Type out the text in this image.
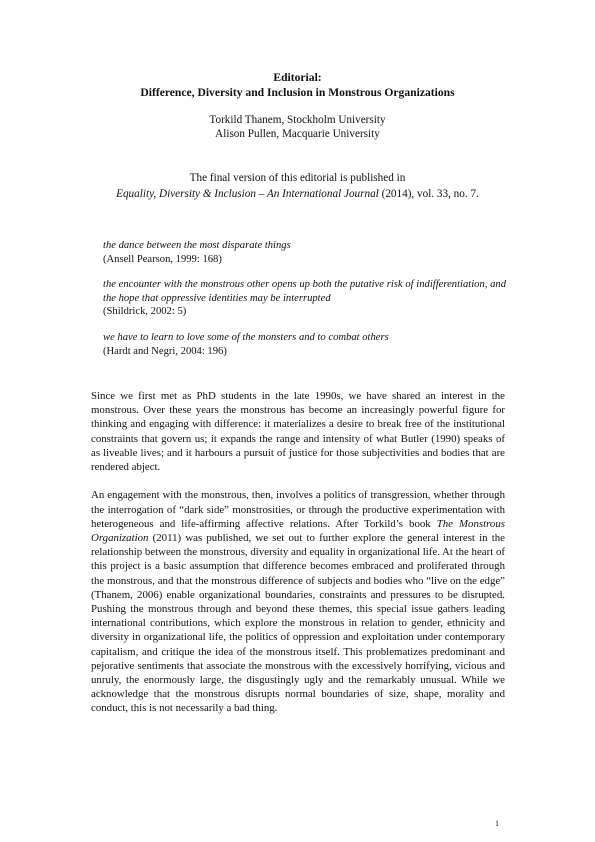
Editorial:
Difference, Diversity and Inclusion in Monstrous Organizations
Torkild Thanem, Stockholm University
Alison Pullen, Macquarie University
The final version of this editorial is published in
Equality, Diversity & Inclusion – An International Journal (2014), vol. 33, no. 7.
the dance between the most disparate things
(Ansell Pearson, 1999: 168)
the encounter with the monstrous other opens up both the putative risk of indifferentiation, and the hope that oppressive identities may be interrupted
(Shildrick, 2002: 5)
we have to learn to love some of the monsters and to combat others
(Hardt and Negri, 2004: 196)

Since we first met as PhD students in the late 1990s, we have shared an interest in the monstrous. Over these years the monstrous has become an increasingly powerful figure for thinking and engaging with difference: it materializes a desire to break free of the institutional constraints that govern us; it expands the range and intensity of what Butler (1990) speaks of as liveable lives; and it harbours a pursuit of justice for those subjectivities and bodies that are rendered abject.

An engagement with the monstrous, then, involves a politics of transgression, whether through the interrogation of “dark side” monstrosities, or through the productive experimentation with heterogeneous and life-affirming affective relations. After Torkild’s book The Monstrous Organization (2011) was published, we set out to further explore the general interest in the relationship between the monstrous, diversity and equality in organizational life. At the heart of this project is a basic assumption that difference becomes embraced and proliferated through the monstrous, and that the monstrous difference of subjects and bodies who “live on the edge” (Thanem, 2006) enable organizational boundaries, constraints and pressures to be disrupted. Pushing the monstrous through and beyond these themes, this special issue gathers leading international contributions, which explore the monstrous in relation to gender, ethnicity and diversity in organizational life, the politics of oppression and exploitation under contemporary capitalism, and critique the idea of the monstrous itself. This problematizes predominant and pejorative sentiments that associate the monstrous with the excessively horrifying, vicious and unruly, the enormously large, the disgustingly ugly and the remarkably unusual. While we acknowledge that the monstrous disrupts normal boundaries of size, shape, morality and conduct, this is not necessarily a bad thing.

1
